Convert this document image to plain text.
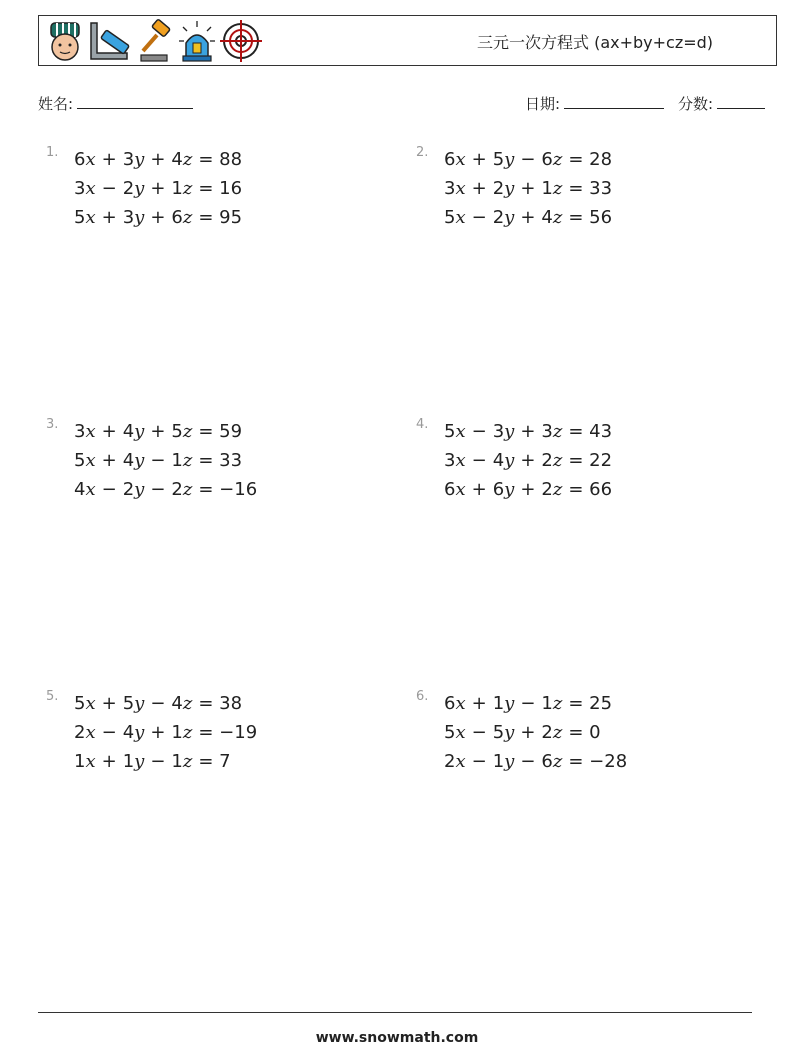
三元一次方程式 (ax+by+cz=d)
姓名:	日期:	分数:
1. 6x + 3y + 4z	= 88
3x − 2y + 1z	= 16
5x + 3y + 6z	= 95
2. 6x + 5y − 6z	= 28
3x + 2y + 1z	= 33
5x − 2y + 4z	= 56
3. 3x + 4y + 5z	= 59
5x + 4y − 1z	= 33
4x − 2y − 2z	= −16
4. 5x − 3y + 3z	= 43
3x − 4y + 2z	= 22
6x + 6y + 2z	= 66
5. 5x + 5y − 4z	= 38
2x − 4y + 1z	= −19
1x + 1y − 1z	= 7
6. 6x + 1y − 1z	= 25
5x − 5y + 2z	= 0
2x − 1y − 6z	= −28
www.snowmath.com
